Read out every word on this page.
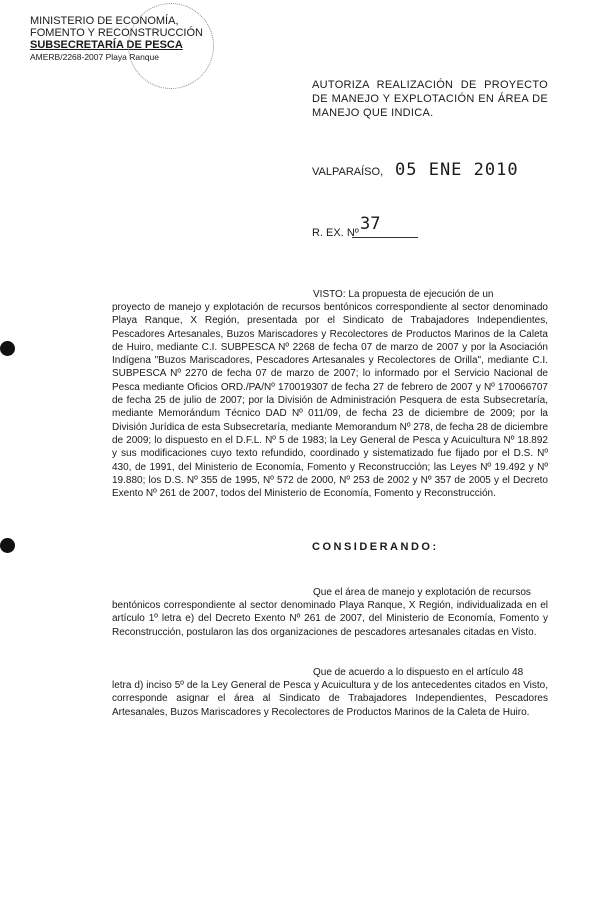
MINISTERIO DE ECONOMÍA,
FOMENTO Y RECONSTRUCCIÓN
SUBSECRETARÍA DE PESCA
AMERB/2268-2007 Playa Ranque
AUTORIZA REALIZACIÓN DE PROYECTO DE MANEJO Y EXPLOTACIÓN EN ÁREA DE MANEJO QUE INDICA.
VALPARAÍSO, 05 ENE 2010
R. EX. Nº 37
VISTO: La propuesta de ejecución de un
proyecto de manejo y explotación de recursos bentónicos correspondiente al sector denominado Playa Ranque, X Región, presentada por el Sindicato de Trabajadores Independientes, Pescadores Artesanales, Buzos Mariscadores y Recolectores de Productos Marinos de la Caleta de Huiro, mediante C.I. SUBPESCA Nº 2268 de fecha 07 de marzo de 2007 y por la Asociación Indígena "Buzos Mariscadores, Pescadores Artesanales y Recolectores de Orilla", mediante C.I. SUBPESCA Nº 2270 de fecha 07 de marzo de 2007; lo informado por el Servicio Nacional de Pesca mediante Oficios ORD./PA/Nº 170019307 de fecha 27 de febrero de 2007 y Nº 170066707 de fecha 25 de julio de 2007; por la División de Administración Pesquera de esta Subsecretaría, mediante Memorándum Técnico DAD Nº 011/09, de fecha 23 de diciembre de 2009; por la División Jurídica de esta Subsecretaría, mediante Memorandum Nº 278, de fecha 28 de diciembre de 2009; lo dispuesto en el D.F.L. Nº 5 de 1983; la Ley General de Pesca y Acuicultura Nº 18.892 y sus modificaciones cuyo texto refundido, coordinado y sistematizado fue fijado por el D.S. Nº 430, de 1991, del Ministerio de Economía, Fomento y Reconstrucción; las Leyes Nº 19.492 y Nº 19.880; los D.S. Nº 355 de 1995, Nº 572 de 2000, Nº 253 de 2002 y Nº 357 de 2005 y el Decreto Exento Nº 261 de 2007, todos del Ministerio de Economía, Fomento y Reconstrucción.
CONSIDERANDO:
Que el área de manejo y explotación de recursos
bentónicos correspondiente al sector denominado Playa Ranque, X Región, individualizada en el artículo 1º letra e) del Decreto Exento Nº 261 de 2007, del Ministerio de Economía, Fomento y Reconstrucción, postularon las dos organizaciones de pescadores artesanales citadas en Visto.
Que de acuerdo a lo dispuesto en el artículo 48
letra d) inciso 5º de la Ley General de Pesca y Acuicultura y de los antecedentes citados en Visto, corresponde asignar el área al Sindicato de Trabajadores Independientes, Pescadores Artesanales, Buzos Mariscadores y Recolectores de Productos Marinos de la Caleta de Huiro.
